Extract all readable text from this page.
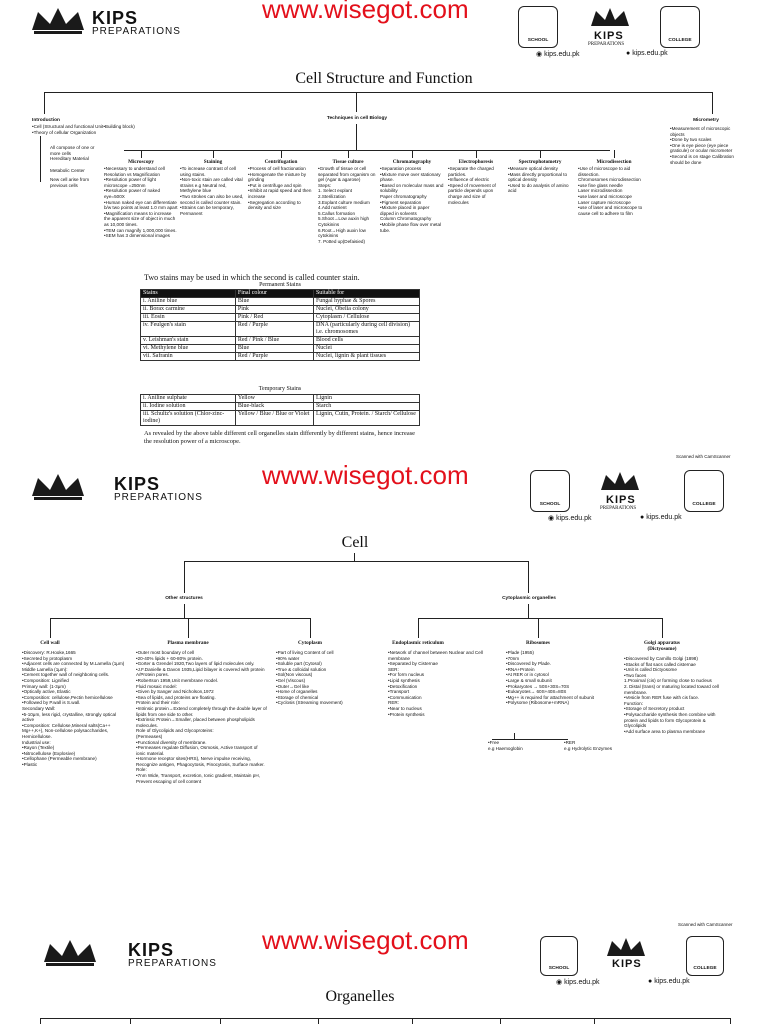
KIPS
PREPARATIONS
www.wisegot.com
SCHOOL	KIPS
PREPARATIONS
COLLEGE
◉ kips.edu.pk	● kips.edu.pk
Cell Structure and Function
Introduction
•Cell (Structural and functional Unit•Building block)
•Theory of cellular Organization
All compose of one or more cells
Hereditary Material
Metabolic Center
New cell arise from previous cells
Techniques in cell Biology	Micrometry
•Measurement of microscopic objects
•Done by two scales
•One is eye piece (eye piece graticule) or ocular micrometer
•Second is on stage Calibration should be done
Microscopy
•Necessary to understand cell Resolution vs Magnification
•Resolution power of light microscope =250nm
•Resolution power of naked eye=500X
•Human naked eye can differentiate b/w two points at least 1.0 mm apart
•Magnification means to increase the apparent size of object in much as 10,000 times.
•TEM can magnify 1,000,000 times.
•SEM has 3 dimensional images
Staining
•To increase contrast of cell using stains.
•Non-toxic stain are called vital strains e.g Neutral red, Methylene blue
•Two strokes can also be used, second is called counter stain.
•Strains can be temporary, Permanent
Centrifugation
•Process of cell fractionation
•Homogenate the mixture by grinding
•Put in centrifuge and spin
•Inhibit at rapid speed and then increase
•Segregation according to density and size
Tissue culture
•Growth of tissue or cell separated from organism on gel (Agar & agarose)
Steps:
1. Select explant
2.Sterilization
3.Explant culture medium
4.Add nutrient
5.Callus formation
5.Shoot→Low auxin high Cytokinins
6.Root→High auxin low cytokinins
7. Potted up(Defaisied)
Chromatography
•Separation process
•Mixture move over stationary phase.
•Based on molecular mass and solubility
Paper chromatography
•Pigment separation
•Mixture placed in paper dipped in solvents
Column Chromatography
•Mobile phase flow over metal tube.
Electrophoresis
•Separate the charged particles.
•Influence of electric
•Speed of movement of particle depends upon charge and size of molecules
Spectrophotometry
•Measure optical density
•Mass directly proportional to optical density
•Used to do analysis of amino acid
Microdissection
•Use of microscope to aid dissection.
Chromosomes microdissection
•use fine glass needle
Laser microdissection
•use laser and microscope
Laser capture microscope
•use of laser and microscope to cause cell to adhere to film
Two stains may be used in which the second is called counter stain.
Permanent Stains
Stains	Final colour	Suitable for
i. Aniline blue	Blue	Fungal hyphae & Spores
ii. Borax carmine	Pink	Nuclei, Obelia colony
iii. Eosin	Pink / Red	Cytoplasm / Cellulose
iv. Feulgen's stain	Red / Purple	DNA (particularly during cell division) i.e. chromosomes
v. Leishman's stain	Red / Pink / Blue	Blood cells
vi. Methylene blue	Blue	Nuclei
vii. Safranin	Red / Purple	Nuclei, lignin & plant tissues
Temporary Stains
i. Aniline sulphate	Yellow	Lignin
ii. Iodine solution	Blue-black	Starch
iii. Schultz's solution (Chlor-zinc-iodine)	Yellow / Blue / Blue or Violet	Lignin, Cutin, Protein. / Starch/ Cellulose
As revealed by the above table different cell organelles stain differently by different stains, hence increase the resolution power of a microscope.
Scanned with CamScanner
KIPS
PREPARATIONS
www.wisegot.com
SCHOOL	KIPS
PREPARATIONS
COLLEGE
◉ kips.edu.pk	● kips.edu.pk
Cell
Other structures	Cytoplasmic organelles
Cell wall
•Discovery: R.Hooke,1665
•Secreted by protoplasm
•Adjacent cells are connected by M.Lamella (1μm)
Middle Lamella (1μm):
•Cement together wall of neighboring cells.
•Composition: Lignified
Primary wall: (1-3μm)
•Optically active, Elastic
•Composition: cellulose,Pectin hemicellulose
•Followed by P.wall is S.wall.
Secondary Wall:
•5-10μm, less rigid, crystalline, strongly optical active
•Composition: Cellulose,Mineral salts(Ca++ Mg++,K+), Non-cellulose polysaccharides, Hemicellulose.
Industrial use:
•Rayon (Textile)
•Nitrocellulose (Explosive)
•Cellophane (Permeable membrane)
•Plastic
Plasma membrane
•Outer most boundary of cell
•20-40% lipids + 60-80% protein.
•Gorter & Grendel 1920,Two layers of lipid molecules only.
•J.F.Danielle & Davon 1935,Lipid bilayer is covered with protein A/Protein pores.
•Robertson 1959,Unit membrane model.
Fluid mosaic model:
•Given by Sanger and Nicholson,1972
•Sea of lipids, and proteins are floating.
Protein and their role:
•Intrinsic protein→Extend completely through the double layer of lipids from one side to other.
•Extrinsic Protein→Smaller, placed between phospholipids molecules.
Role of Glycolipids and Glycoproteins:
(Permeases)
•Functional diversity of membrane.
•Permeases regulate Diffusion, Osmosis, Active transport of ionic material.
•Hormone receptor sites(HRS), Nerve impulse receiving, Recognize antigen, Phagocytosis, Pinocytosis, Surface marker.
Role:
•7nm Wide, Transport, excretion, Ionic gradient, Maintain pH, Prevent escaping of cell content
Cytoplasm
•Part of living Content of cell
•90% water
•Soluble part (Cytosol)
•True & colloidal solution
•Sol(Non viscous)
•Gel (Viscous)
•Outer→Gel like
•Home of organelles
•Storage of chemical
•Cyclosis (Streaming movement)
Endoplasmic reticulum
•Network of channel between Nuclear and Cell membrane
•Separated by Cisternae
SER:
•For form nucleus
•Lipid synthesis
•Detoxification
•Transport
•Communication
RER:
•Near to nucleus
•Protein synthesis
Ribosomes
•Plade (1955)
•70nm
•Discovered by Plade.
•RNA+Protein
•At RER or in cytosol
•Large & small subunit
•Prokaryotes → 50S+30S=70S
•Eukaryotes→ 60S+40S=80S
•Mg++ is required for attachment of subunit
•Polysome (Ribosome+mRNA)
Golgi apparatus
(Dictyosome)
•Discovered by Camillo Golgi (1898)
•Stacks of flat sacs called cisternae
•Unit is called Dictyosome
•Two faces
1.Proximal (cis) or forming close to nucleus
2. Distal (trans) or maturing located toward cell membrane.
•Vesicle from RER fuse with cis face.
Function:
•Storage of Secretory product
•Polysaccharide synthesis then combine with protein and lipids to form Glycoprotein & Glycolipids
•Add surface area to plasma membrane
•Free
e.g Haemoglobin
•RER
e.g Hydrolytic Enzymes
Scanned with CamScanner
KIPS
PREPARATIONS
www.wisegot.com
SCHOOL	KIPS	COLLEGE
◉ kips.edu.pk	● kips.edu.pk
Organelles
